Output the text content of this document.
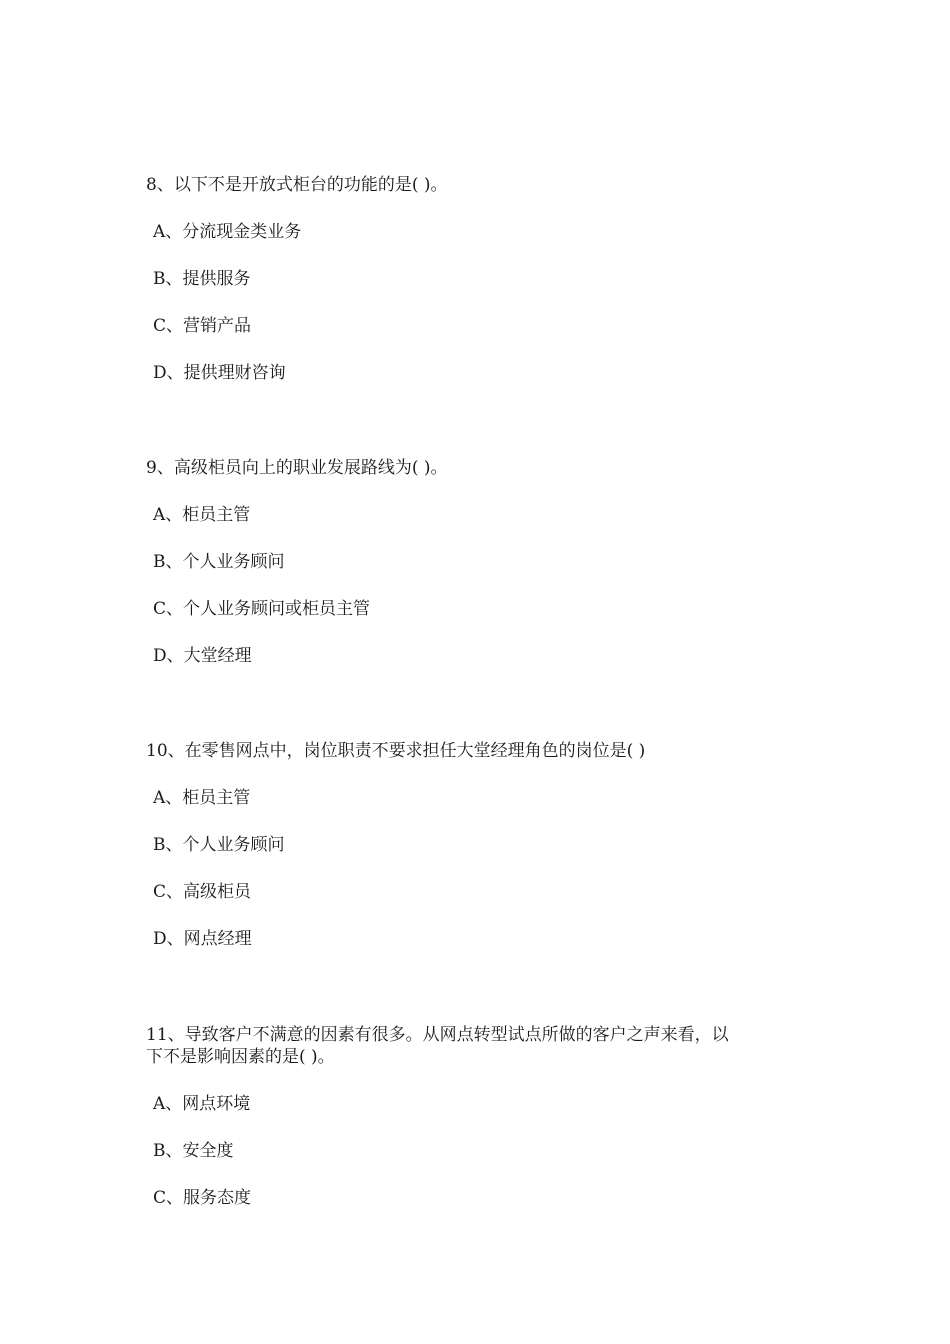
8、以下不是开放式柜台的功能的是( )。

A、分流现金类业务
B、提供服务
C、营销产品
D、提供理财咨询

9、高级柜员向上的职业发展路线为( )。

A、柜员主管
B、个人业务顾问
C、个人业务顾问或柜员主管
D、大堂经理

10、在零售网点中，岗位职责不要求担任大堂经理角色的岗位是( )

A、柜员主管
B、个人业务顾问
C、高级柜员
D、网点经理

11、导致客户不满意的因素有很多。从网点转型试点所做的客户之声来看，以

下不是影响因素的是( )。

A、网点环境
B、安全度
C、服务态度
